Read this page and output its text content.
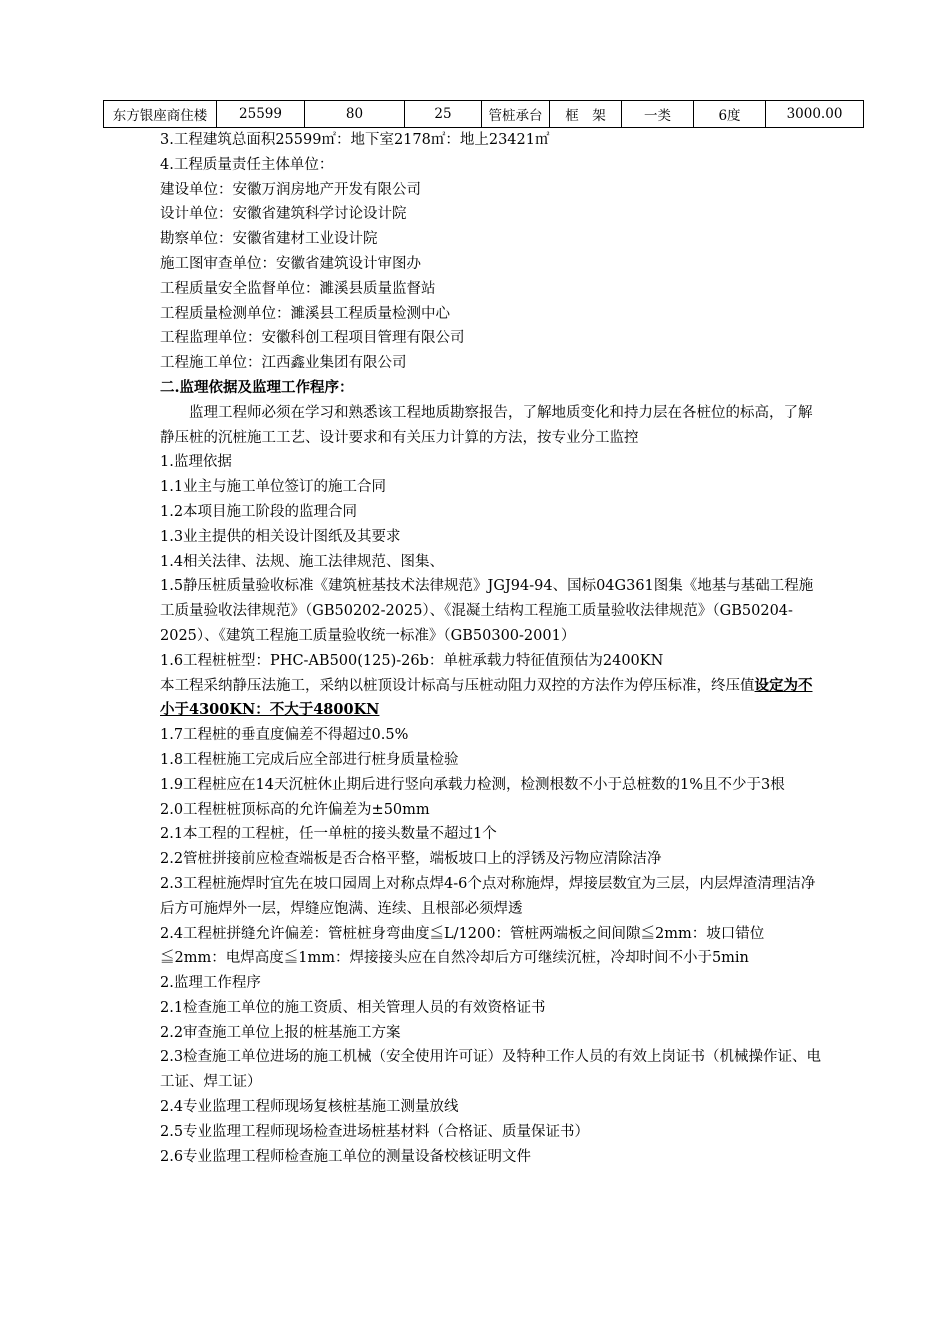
东方银座商住楼	25599	80	25	管桩承台	框　架	一类	6度	3000.00
3.工程建筑总面积25599㎡：地下室2178㎡：地上23421㎡
4.工程质量责任主体单位：
建设单位：安徽万润房地产开发有限公司
设计单位：安徽省建筑科学讨论设计院
勘察单位：安徽省建材工业设计院
施工图审查单位：安徽省建筑设计审图办
工程质量安全监督单位：濉溪县质量监督站
工程质量检测单位：濉溪县工程质量检测中心
工程监理单位：安徽科创工程项目管理有限公司
工程施工单位：江西鑫业集团有限公司
二.监理依据及监理工作程序：
监理工程师必须在学习和熟悉该工程地质勘察报告，了解地质变化和持力层在各桩位的标高，了解静压桩的沉桩施工工艺、设计要求和有关压力计算的方法，按专业分工监控
1.监理依据
1.1业主与施工单位签订的施工合同
1.2本项目施工阶段的监理合同
1.3业主提供的相关设计图纸及其要求
1.4相关法律、法规、施工法律规范、图集、
1.5静压桩质量验收标准《建筑桩基技术法律规范》JGJ94-94、国标04G361图集《地基与基础工程施工质量验收法律规范》（GB50202-2025）、《混凝土结构工程施工质量验收法律规范》（GB50204-2025）、《建筑工程施工质量验收统一标准》（GB50300-2001）
1.6工程桩桩型：PHC-AB500(125)-26b：单桩承载力特征值预估为2400KN
本工程采纳静压法施工，采纳以桩顶设计标高与压桩动阻力双控的方法作为停压标准，终压值设定为不小于4300KN：不大于4800KN
1.7工程桩的垂直度偏差不得超过0.5%
1.8工程桩施工完成后应全部进行桩身质量检验
1.9工程桩应在14天沉桩休止期后进行竖向承载力检测，检测根数不小于总桩数的1%且不少于3根
2.0工程桩桩顶标高的允许偏差为±50mm
2.1本工程的工程桩，任一单桩的接头数量不超过1个
2.2管桩拼接前应检查端板是否合格平整，端板坡口上的浮锈及污物应清除洁净
2.3工程桩施焊时宜先在坡口园周上对称点焊4-6个点对称施焊，焊接层数宜为三层，内层焊渣清理洁净后方可施焊外一层，焊缝应饱满、连续、且根部必须焊透
2.4工程桩拼缝允许偏差：管桩桩身弯曲度≦L/1200：管桩两端板之间间隙≦2mm：坡口错位≦2mm：电焊高度≦1mm：焊接接头应在自然冷却后方可继续沉桩，冷却时间不小于5min
2.监理工作程序
2.1检查施工单位的施工资质、相关管理人员的有效资格证书
2.2审查施工单位上报的桩基施工方案
2.3检查施工单位进场的施工机械（安全使用许可证）及特种工作人员的有效上岗证书（机械操作证、电工证、焊工证）
2.4专业监理工程师现场复核桩基施工测量放线
2.5专业监理工程师现场检查进场桩基材料（合格证、质量保证书）
2.6专业监理工程师检查施工单位的测量设备校核证明文件
